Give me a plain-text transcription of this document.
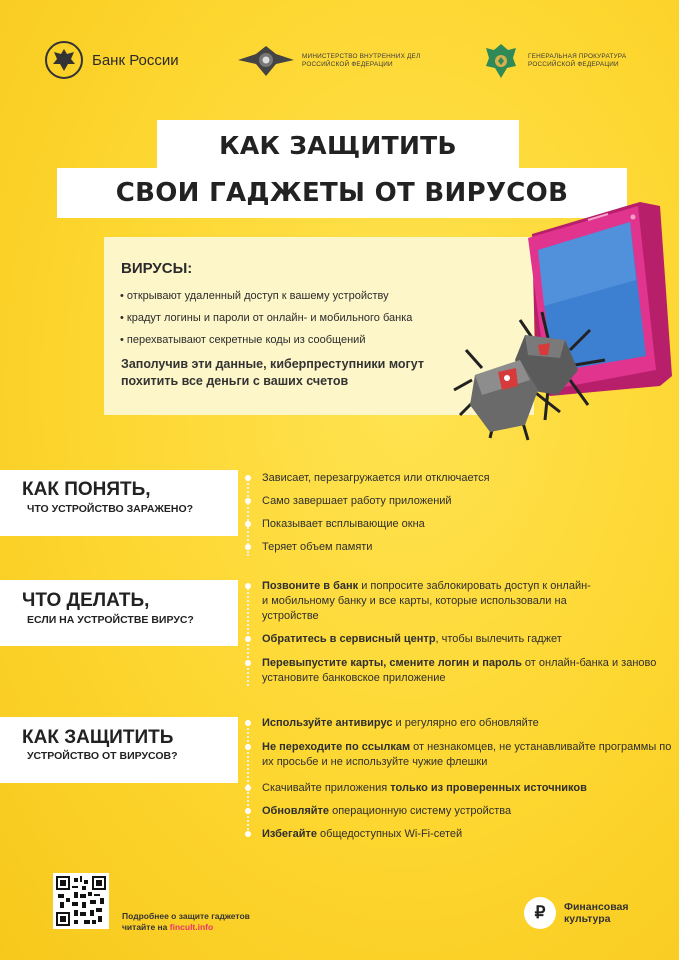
Банк России	МИНИСТЕРСТВО ВНУТРЕННИХ ДЕЛ РОССИЙСКОЙ ФЕДЕРАЦИИ
ГЕНЕРАЛЬНАЯ ПРОКУРАТУРА РОССИЙСКОЙ ФЕДЕРАЦИИ
КАК ЗАЩИТИТЬ
СВОИ ГАДЖЕТЫ ОТ ВИРУСОВ
ВИРУСЫ:
• открывают удаленный доступ к вашему устройству
• крадут логины и пароли от онлайн- и мобильного банка
• перехватывают секретные коды из сообщений
Заполучив эти данные, киберпреступники могут похитить все деньги с ваших счетов
КАК ПОНЯТЬ,
ЧТО УСТРОЙСТВО ЗАРАЖЕНО?
Зависает, перезагружается или отключается
Само завершает работу приложений
Показывает всплывающие окна
Теряет объем памяти
ЧТО ДЕЛАТЬ,
ЕСЛИ НА УСТРОЙСТВЕ ВИРУС?
Позвоните в банк и попросите заблокировать доступ к онлайн- и мобильному банку и все карты, которые использовали на устройстве
Обратитесь в сервисный центр, чтобы вылечить гаджет
Перевыпустите карты, смените логин и пароль от онлайн-банка и заново установите банковское приложение
КАК ЗАЩИТИТЬ
УСТРОЙСТВО ОТ ВИРУСОВ?
Используйте антивирус и регулярно его обновляйте
Не переходите по ссылкам от незнакомцев, не устанавливайте программы по их просьбе и не используйте чужие флешки
Скачивайте приложения только из проверенных источников
Обновляйте операционную систему устройства
Избегайте общедоступных Wi-Fi-сетей
Подробнее о защите гаджетов
читайте на fincult.info
₽	Финансовая
культура
